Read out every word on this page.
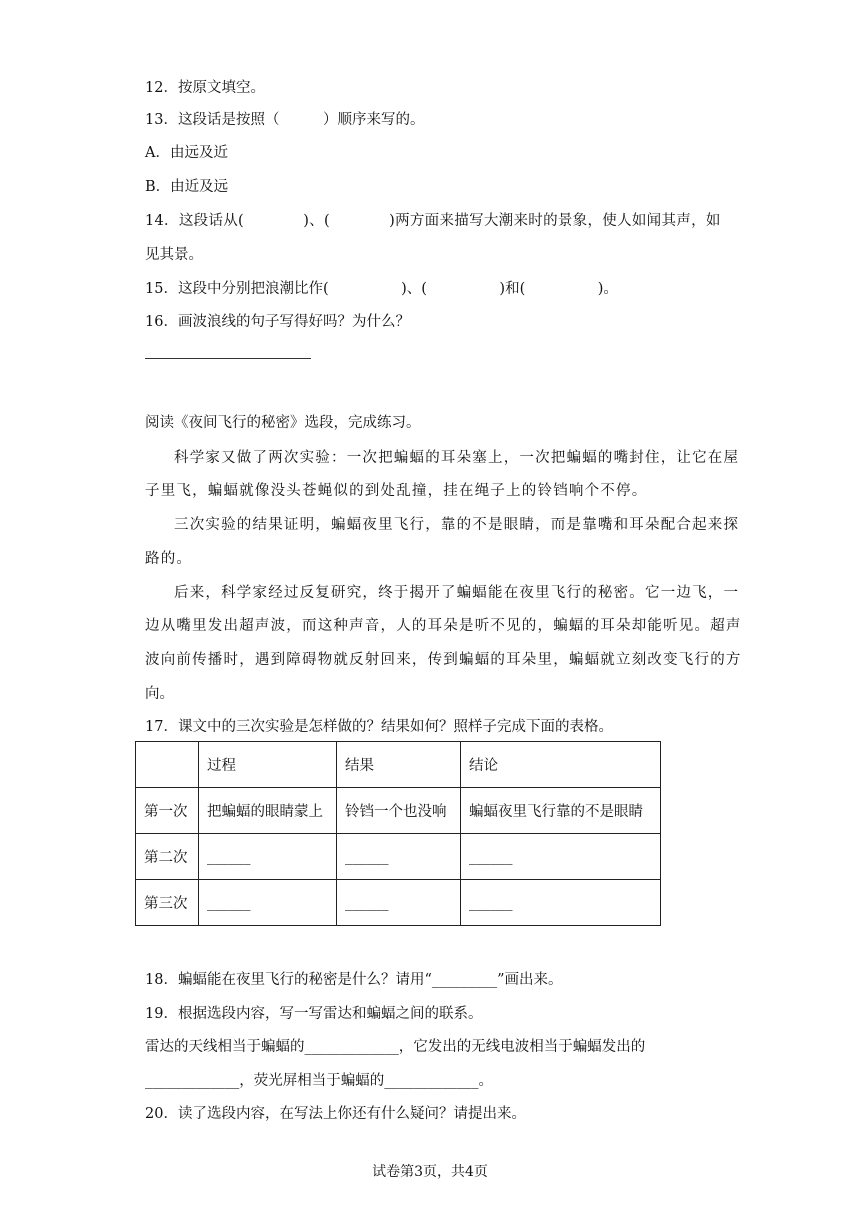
12．按原文填空。
13．这段话是按照（　　　）顺序来写的。
A．由远及近
B．由近及远
14．这段话从(　　　　)、(　　　　)两方面来描写大潮来时的景象，使人如闻其声，如
见其景。
15．这段中分别把浪潮比作(　　　　　)、(　　　　　)和(　　　　　)。
16．画波浪线的句子写得好吗？为什么？
阅读《夜间飞行的秘密》选段，完成练习。
科学家又做了两次实验：一次把蝙蝠的耳朵塞上，一次把蝙蝠的嘴封住，让它在屋
子里飞，蝙蝠就像没头苍蝇似的到处乱撞，挂在绳子上的铃铛响个不停。
三次实验的结果证明，蝙蝠夜里飞行，靠的不是眼睛，而是靠嘴和耳朵配合起来探
路的。
后来，科学家经过反复研究，终于揭开了蝙蝠能在夜里飞行的秘密。它一边飞，一
边从嘴里发出超声波，而这种声音，人的耳朵是听不见的，蝙蝠的耳朵却能听见。超声
波向前传播时，遇到障碍物就反射回来，传到蝙蝠的耳朵里，蝙蝠就立刻改变飞行的方
向。
17．课文中的三次实验是怎样做的？结果如何？照样子完成下面的表格。
	过程	结果	结论
第一次	把蝙蝠的眼睛蒙上	铃铛一个也没响	蝙蝠夜里飞行靠的不是眼睛
第二次	______	______	______
第三次	______	______	______
18．蝙蝠能在夜里飞行的秘密是什么？请用“_________”画出来。
19．根据选段内容，写一写雷达和蝙蝠之间的联系。
雷达的天线相当于蝙蝠的_____________，它发出的无线电波相当于蝙蝠发出的
_____________，荧光屏相当于蝙蝠的_____________。
20．读了选段内容，在写法上你还有什么疑问？请提出来。
试卷第3页，共4页
